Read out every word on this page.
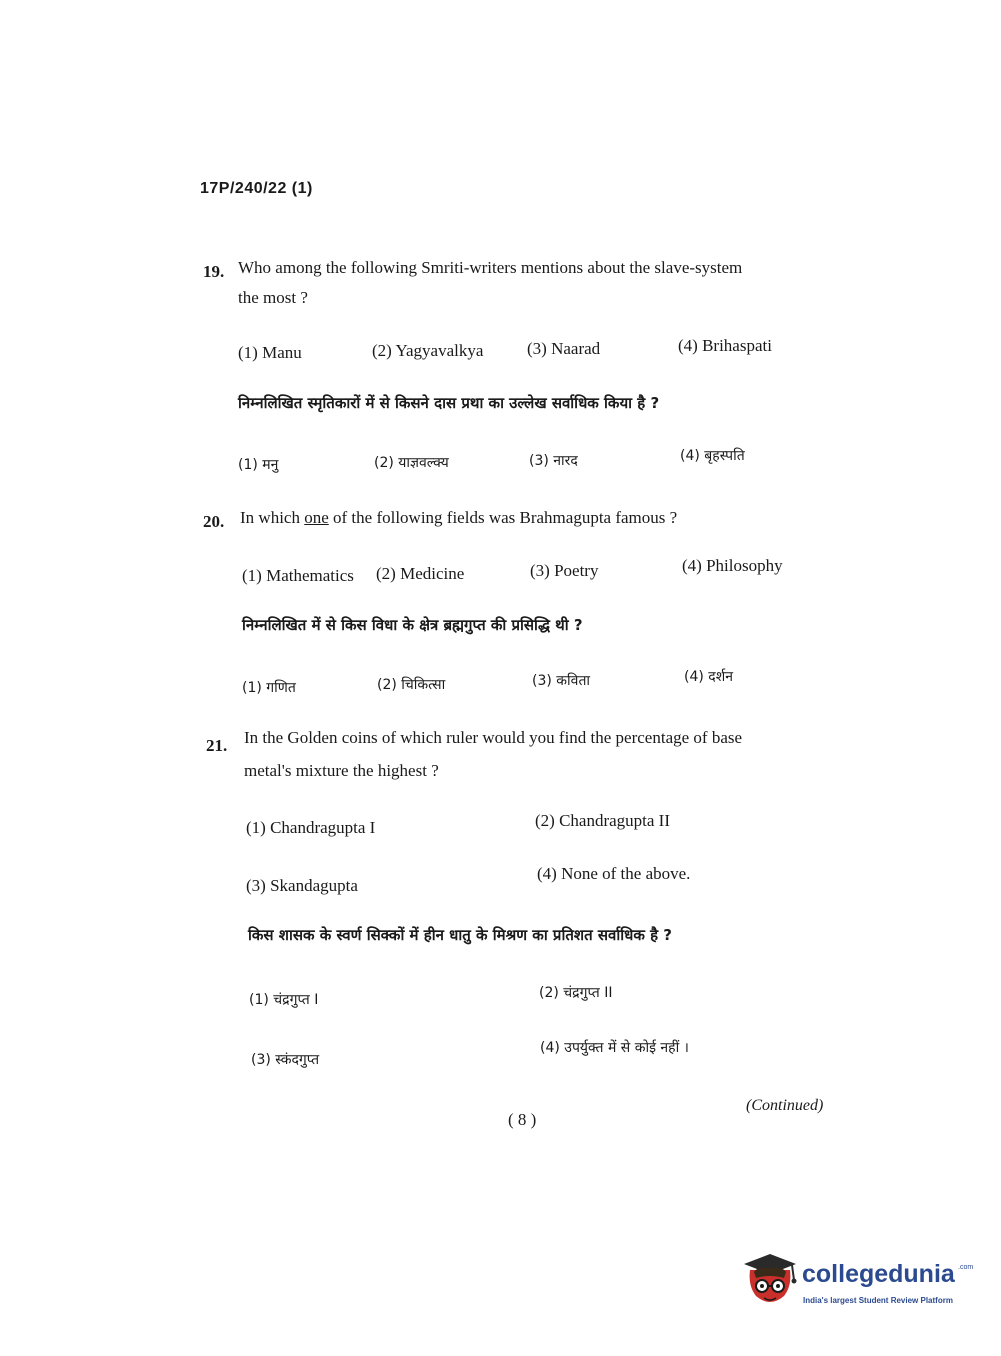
17P/240/22 (1)
19. Who among the following Smriti-writers mentions about the slave-system
the most ?
(1) Manu	(2) Yagyavalkya	(3) Naarad	(4) Brihaspati
निम्नलिखित स्मृतिकारों में से किसने दास प्रथा का उल्लेख सर्वाधिक किया है ?
(1) मनु	(2) याज्ञवल्क्य	(3) नारद	(4) बृहस्पति
20. In which one of the following fields was Brahmagupta famous ?
(1) Mathematics (2) Medicine	(3) Poetry	(4) Philosophy
निम्नलिखित में से किस विधा के क्षेत्र ब्रह्मगुप्त की प्रसिद्धि थी ?
(1) गणित	(2) चिकित्सा	(3) कविता	(4) दर्शन
21. In the Golden coins of which ruler would you find the percentage of base
metal's mixture the highest ?
(1) Chandragupta I	(2) Chandragupta II
(3) Skandagupta
(4) None of the above.
किस शासक के स्वर्ण सिक्कों में हीन धातु के मिश्रण का प्रतिशत सर्वाधिक है ?
(1) चंद्रगुप्त I	(2) चंद्रगुप्त II
(3) स्कंदगुप्त
(4) उपर्युक्त में से कोई नहीं ।
( 8 )
(Continued)
collegedunia .com
India's largest Student Review Platform
